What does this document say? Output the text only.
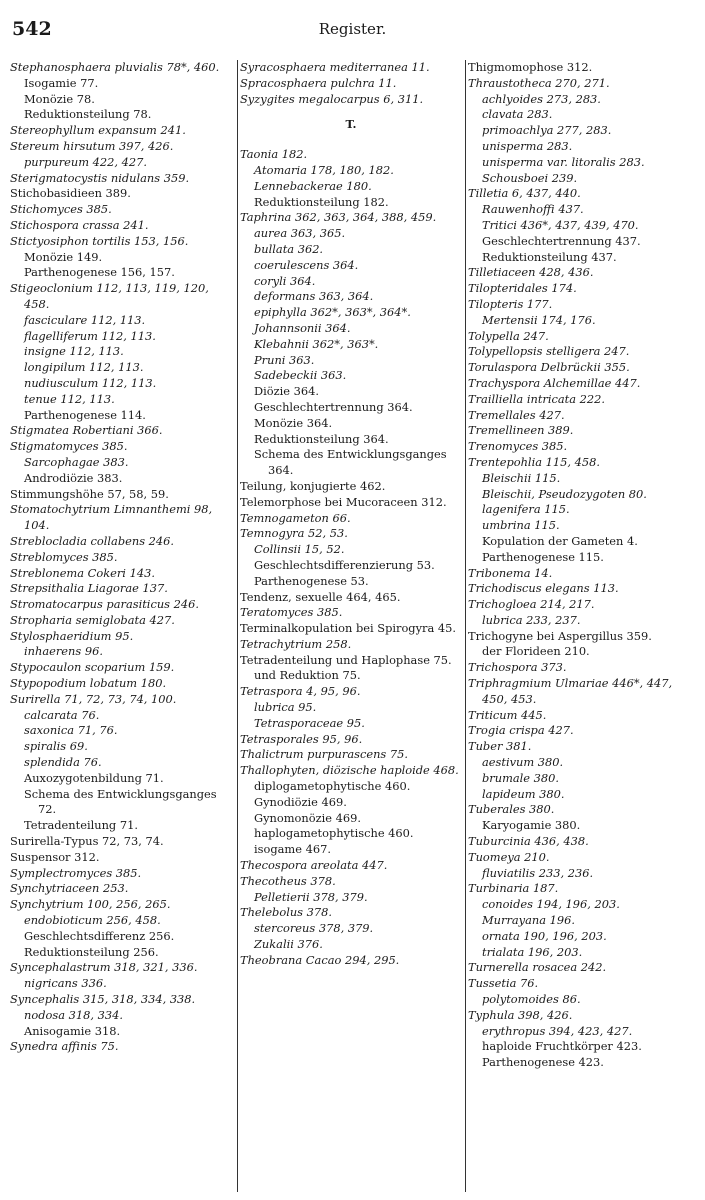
542	Register.

Stephanosphaera pluvialis 78*, 460.

Isogamie 77.

Monözie 78.

Reduktionsteilung 78.

Stereophyllum expansum 241.

Stereum hirsutum 397, 426.

purpureum 422, 427.

Sterigmatocystis nidulans 359.

Stichobasidieen 389.

Stichomyces 385.

Stichospora crassa 241.

Stictyosiphon tortilis 153, 156.

Monözie 149.

Parthenogenese 156, 157.

Stigeoclonium 112, 113, 119, 120, 458.

fasciculare 112, 113.

flagelliferum 112, 113.

insigne 112, 113.

longipilum 112, 113.

nudiusculum 112, 113.

tenue 112, 113.

Parthenogenese 114.

Stigmatea Robertiani 366.

Stigmatomyces 385.

Sarcophagae 383.

Androdiözie 383.

Stimmungshöhe 57, 58, 59.

Stomatochytrium Limnanthemi 98, 104.

Streblocladia collabens 246.

Streblomyces 385.

Streblonema Cokeri 143.

Strepsithalia Liagorae 137.

Stromatocarpus parasiticus 246.

Stropharia semiglobata 427.

Stylosphaeridium 95.

inhaerens 96.

Stypocaulon scoparium 159.

Stypopodium lobatum 180.

Surirella 71, 72, 73, 74, 100.

calcarata 76.

saxonica 71, 76.

spiralis 69.

splendida 76.

Auxozygotenbildung 71.

Schema des Entwicklungsganges 72.

Tetradenteilung 71.

Surirella-Typus 72, 73, 74.

Suspensor 312.

Symplectromyces 385.

Synchytriaceen 253.

Synchytrium 100, 256, 265.

endobioticum 256, 458.

Geschlechtsdifferenz 256.

Reduktionsteilung 256.

Syncephalastrum 318, 321, 336.

nigricans 336.

Syncephalis 315, 318, 334, 338.

nodosa 318, 334.

Anisogamie 318.

Synedra affinis 75.

Syracosphaera mediterranea 11.

Spracosphaera pulchra 11.

Syzygites megalocarpus 6, 311.

T.

Taonia 182.

Atomaria 178, 180, 182.

Lennebackerae 180.

Reduktionsteilung 182.

Taphrina 362, 363, 364, 388, 459.

aurea 363, 365.

bullata 362.

coerulescens 364.

coryli 364.

deformans 363, 364.

epiphylla 362*, 363*, 364*.

Johannsonii 364.

Klebahnii 362*, 363*.

Pruni 363.

Sadebeckii 363.

Diözie 364.

Geschlechtertrennung 364.

Monözie 364.

Reduktionsteilung 364.

Schema des Entwicklungsganges 364.

Teilung, konjugierte 462.

Telemorphose bei Mucoraceen 312.

Temnogameton 66.

Temnogyra 52, 53.

Collinsii 15, 52.

Geschlechtsdifferenzierung 53.

Parthenogenese 53.

Tendenz, sexuelle 464, 465.

Teratomyces 385.

Terminalkopulation bei Spirogyra 45.

Tetrachytrium 258.

Tetradenteilung und Haplophase 75.

und Reduktion 75.

Tetraspora 4, 95, 96.

lubrica 95.

Tetrasporaceae 95.

Tetrasporales 95, 96.

Thalictrum purpurascens 75.

Thallophyten, diözische haploide 468.

diplogametophytische 460.

Gynodiözie 469.

Gynomonözie 469.

haplogametophytische 460.

isogame 467.

Thecospora areolata 447.

Thecotheus 378.

Pelletierii 378, 379.

Thelebolus 378.

stercoreus 378, 379.

Zukalii 376.

Theobrana Cacao 294, 295.

Thigmomophose 312.

Thraustotheca 270, 271.

achlyoides 273, 283.

clavata 283.

primoachlya 277, 283.

unisperma 283.

unisperma var. litoralis 283.

Schousboei 239.

Tilletia 6, 437, 440.

Rauwenhoffi 437.

Tritici 436*, 437, 439, 470.

Geschlechtertrennung 437.

Reduktionsteilung 437.

Tilletiaceen 428, 436.

Tilopteridales 174.

Tilopteris 177.

Mertensii 174, 176.

Tolypella 247.

Tolypellopsis stelligera 247.

Torulaspora Delbrückii 355.

Trachyspora Alchemillae 447.

Trailliella intricata 222.

Tremellales 427.

Tremellineen 389.

Trenomyces 385.

Trentepohlia 115, 458.

Bleischii 115.

Bleischii, Pseudozygoten 80.

lagenifera 115.

umbrina 115.

Kopulation der Gameten 4.

Parthenogenese 115.

Tribonema 14.

Trichodiscus elegans 113.

Trichogloea 214, 217.

lubrica 233, 237.

Trichogyne bei Aspergillus 359.

der Florideen 210.

Trichospora 373.

Triphragmium Ulmariae 446*, 447, 450, 453.

Triticum 445.

Trogia crispa 427.

Tuber 381.

aestivum 380.

brumale 380.

lapideum 380.

Tuberales 380.

Karyogamie 380.

Tuburcinia 436, 438.

Tuomeya 210.

fluviatilis 233, 236.

Turbinaria 187.

conoides 194, 196, 203.

Murrayana 196.

ornata 190, 196, 203.

trialata 196, 203.

Turnerella rosacea 242.

Tussetia 76.

polytomoides 86.

Typhula 398, 426.

erythropus 394, 423, 427.

haploide Fruchtkörper 423.

Parthenogenese 423.
